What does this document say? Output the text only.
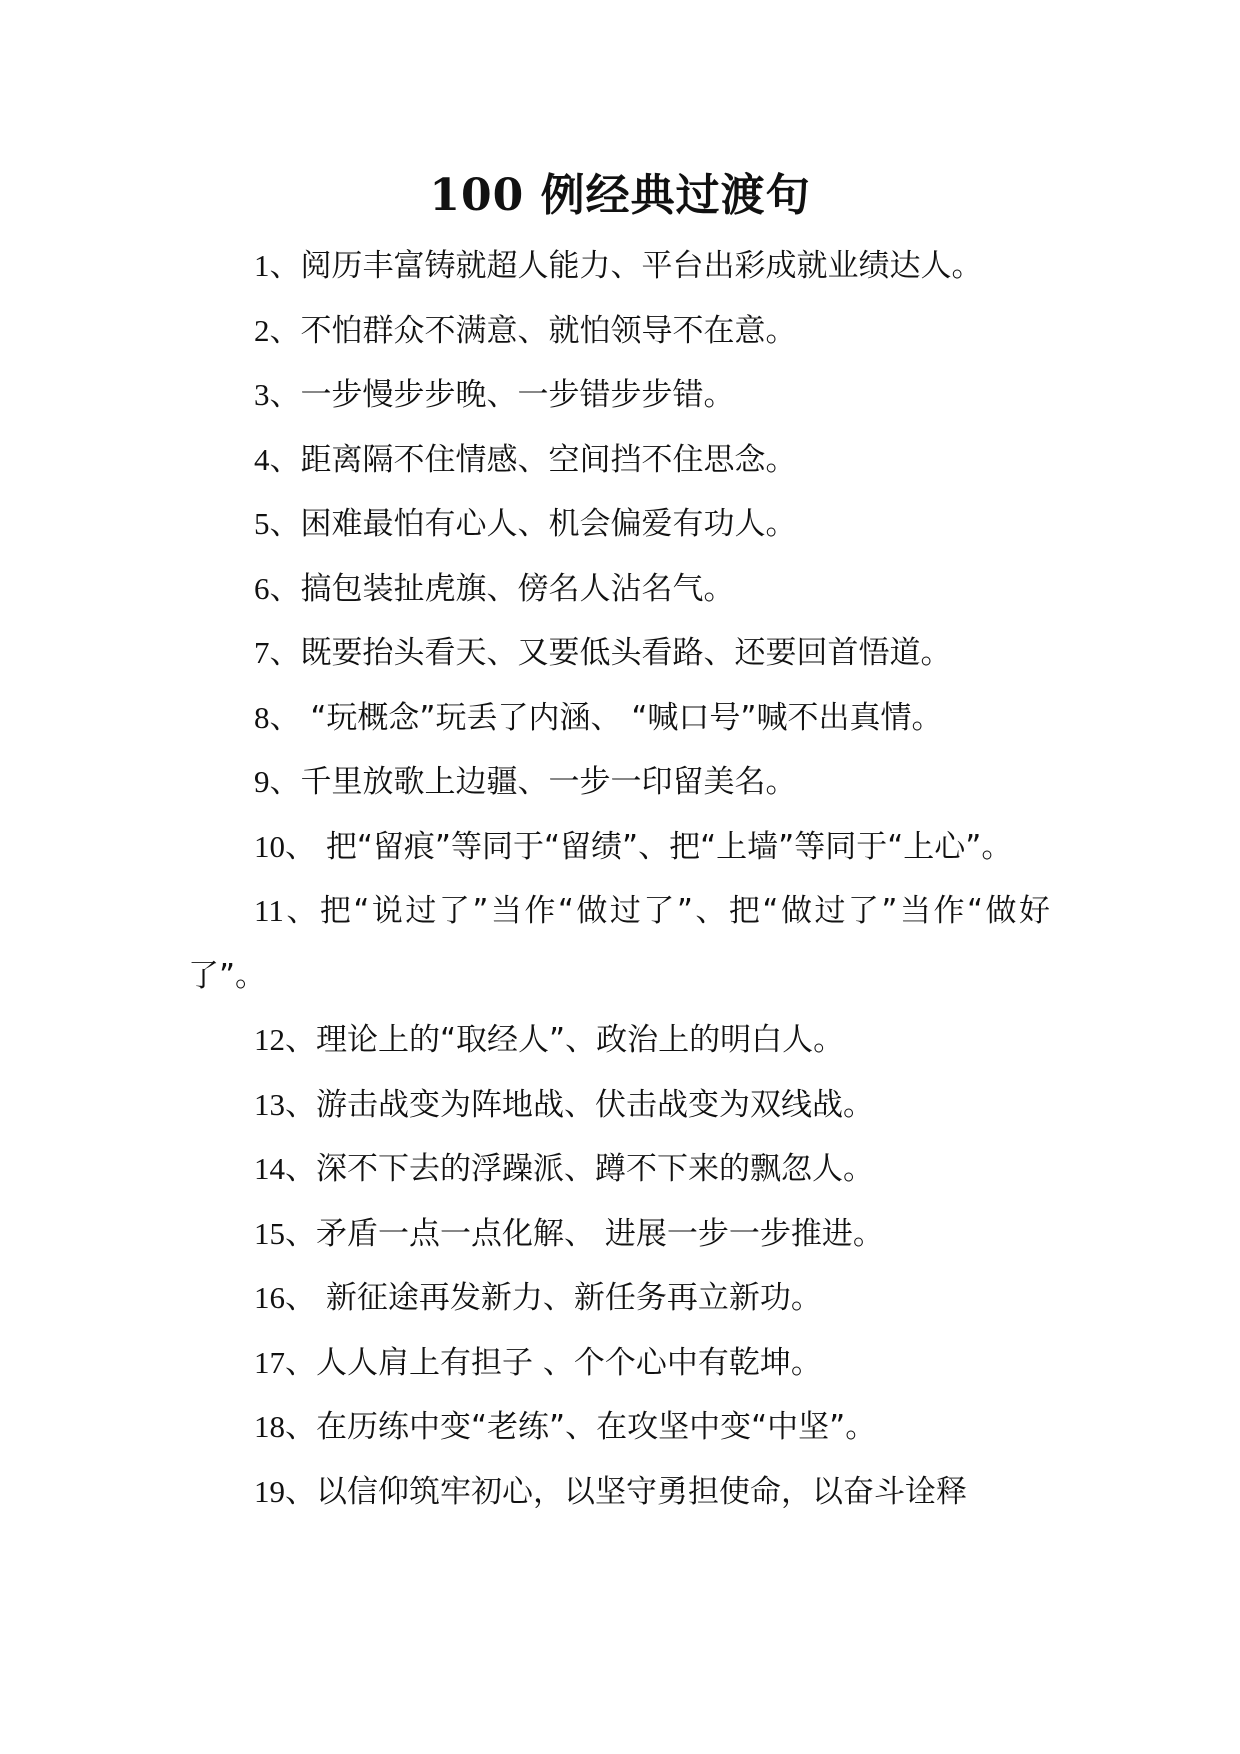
100 例经典过渡句

1、阅历丰富铸就超人能力、平台出彩成就业绩达人。

2、不怕群众不满意、就怕领导不在意。

3、一步慢步步晚、一步错步步错。

4、距离隔不住情感、空间挡不住思念。

5、困难最怕有心人、机会偏爱有功人。

6、搞包装扯虎旗、傍名人沾名气。

7、既要抬头看天、又要低头看路、还要回首悟道。

8、 “玩概念”玩丢了内涵、 “喊口号”喊不出真情。

9、千里放歌上边疆、一步一印留美名。

10、 把“留痕”等同于“留绩”、把“上墙”等同于“上心”。

11、把“说过了”当作“做过了”、把“做过了”当作“做好了”。

12、理论上的“取经人”、政治上的明白人。

13、游击战变为阵地战、伏击战变为双线战。

14、深不下去的浮躁派、蹲不下来的飘忽人。

15、矛盾一点一点化解、 进展一步一步推进。

16、 新征途再发新力、新任务再立新功。

17、人人肩上有担子 、个个心中有乾坤。

18、在历练中变“老练”、在攻坚中变“中坚”。

19、以信仰筑牢初心，以坚守勇担使命，以奋斗诠释
